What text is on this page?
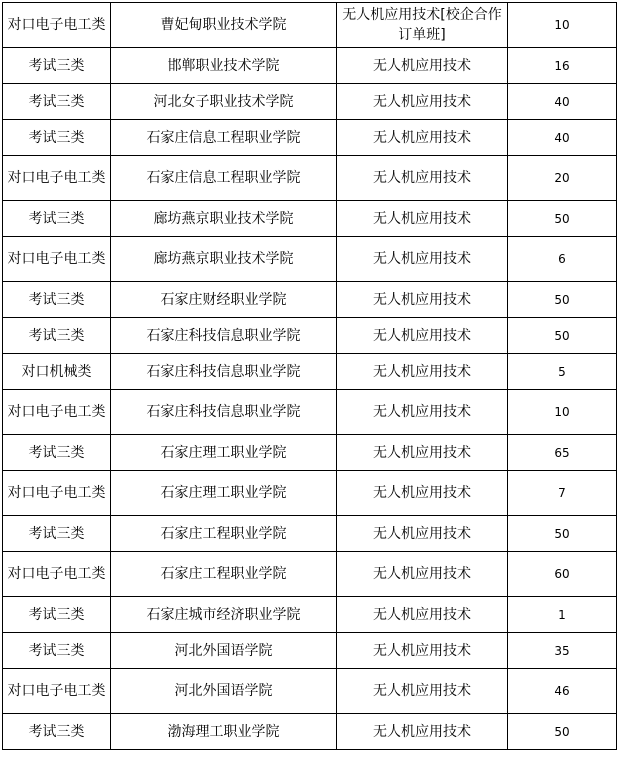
对口电子电工类	曹妃甸职业技术学院	无人机应用技术[校企合作订单班]	10
考试三类	邯郸职业技术学院	无人机应用技术	16
考试三类	河北女子职业技术学院	无人机应用技术	40
考试三类	石家庄信息工程职业学院	无人机应用技术	40
对口电子电工类	石家庄信息工程职业学院	无人机应用技术	20
考试三类	廊坊燕京职业技术学院	无人机应用技术	50
对口电子电工类	廊坊燕京职业技术学院	无人机应用技术	6
考试三类	石家庄财经职业学院	无人机应用技术	50
考试三类	石家庄科技信息职业学院	无人机应用技术	50
对口机械类	石家庄科技信息职业学院	无人机应用技术	5
对口电子电工类	石家庄科技信息职业学院	无人机应用技术	10
考试三类	石家庄理工职业学院	无人机应用技术	65
对口电子电工类	石家庄理工职业学院	无人机应用技术	7
考试三类	石家庄工程职业学院	无人机应用技术	50
对口电子电工类	石家庄工程职业学院	无人机应用技术	60
考试三类	石家庄城市经济职业学院	无人机应用技术	1
考试三类	河北外国语学院	无人机应用技术	35
对口电子电工类	河北外国语学院	无人机应用技术	46
考试三类	渤海理工职业学院	无人机应用技术	50
